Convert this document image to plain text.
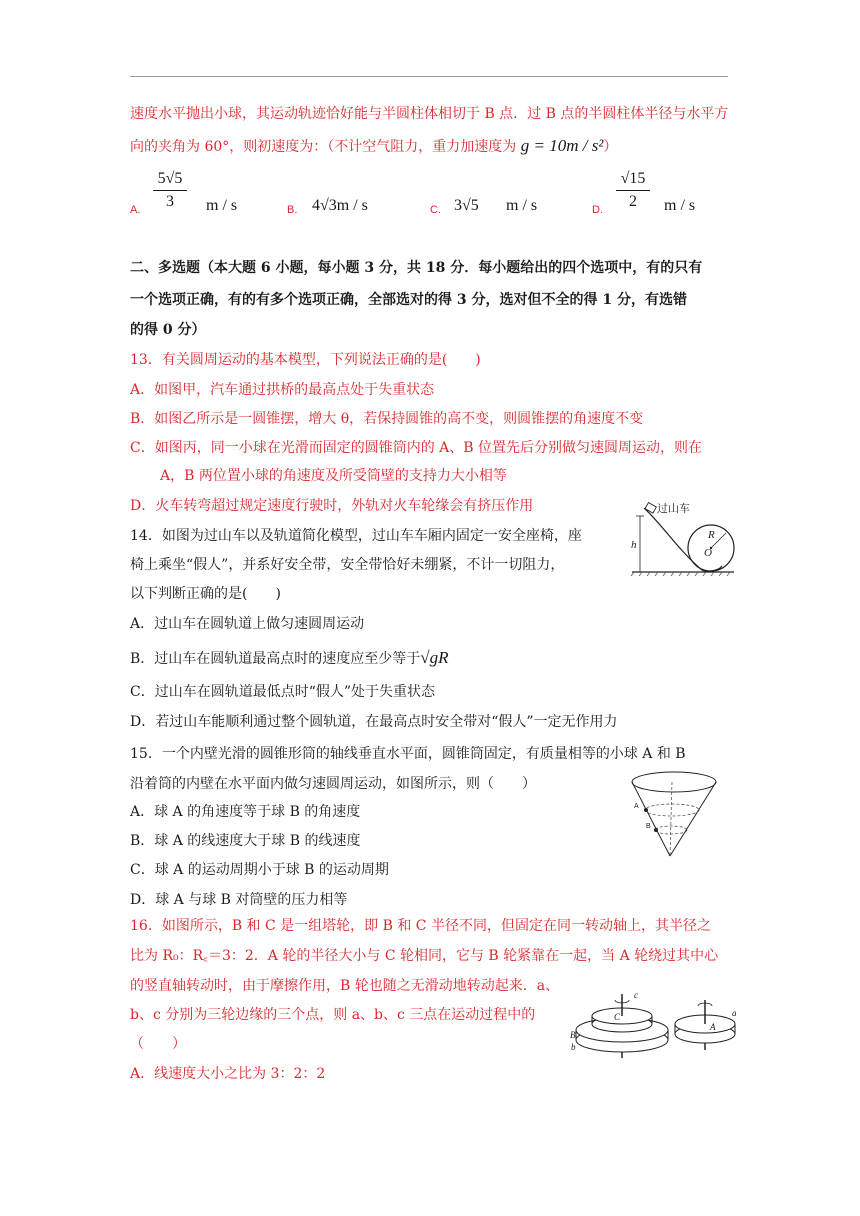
速度水平抛出小球，其运动轨迹恰好能与半圆柱体相切于 B 点．过 B 点的半圆柱体半径与水平方
向的夹角为 60°，则初速度为：（不计空气阻力，重力加速度为 g = 10m / s²）
A.
5√5
3	m / s	B. 4√3m / s	C. 3√5 m / s	D.
√15
2	m / s
二、多选题（本大题 6 小题，每小题 3 分，共 18 分．每小题给出的四个选项中，有的只有
一个选项正确，有的有多个选项正确，全部选对的得 3 分，选对但不全的得 1 分，有选错
的得 0 分）
13．有关圆周运动的基本模型，下列说法正确的是(　　)
A．如图甲，汽车通过拱桥的最高点处于失重状态
B．如图乙所示是一圆锥摆，增大 θ，若保持圆锥的高不变，则圆锥摆的角速度不变
C．如图丙，同一小球在光滑而固定的圆锥筒内的 A、B 位置先后分别做匀速圆周运动，则在
A，B 两位置小球的角速度及所受筒壁的支持力大小相等
D．火车转弯超过规定速度行驶时，外轨对火车轮缘会有挤压作用
14．如图为过山车以及轨道简化模型，过山车车厢内固定一安全座椅，座
椅上乘坐“假人”，并系好安全带，安全带恰好未绷紧，不计一切阻力，
以下判断正确的是(　　)
A．过山车在圆轨道上做匀速圆周运动
B．过山车在圆轨道最高点时的速度应至少等于√gR
C．过山车在圆轨道最低点时“假人”处于失重状态
D．若过山车能顺利通过整个圆轨道，在最高点时安全带对“假人”一定无作用力
过山车
h
R
O
15．一个内壁光滑的圆锥形筒的轴线垂直水平面，圆锥筒固定，有质量相等的小球 A 和 B
沿着筒的内壁在水平面内做匀速圆周运动，如图所示，则（　　）
A．球 A 的角速度等于球 B 的角速度
B．球 A 的线速度大于球 B 的线速度
C．球 A 的运动周期小于球 B 的运动周期
D．球 A 与球 B 对筒壁的压力相等
A
B
16．如图所示，B 和 C 是一组塔轮，即 B 和 C 半径不同，但固定在同一转动轴上，其半径之
比为 R₀：R꜀＝3：2．A 轮的半径大小与 C 轮相同，它与 B 轮紧靠在一起，当 A 轮绕过其中心
的竖直轴转动时，由于摩擦作用，B 轮也随之无滑动地转动起来．a、
b、c 分别为三轮边缘的三个点，则 a、b、c 三点在运动过程中的
（　　）
A．线速度大小之比为 3：2：2
B
b
C
c
A
a
